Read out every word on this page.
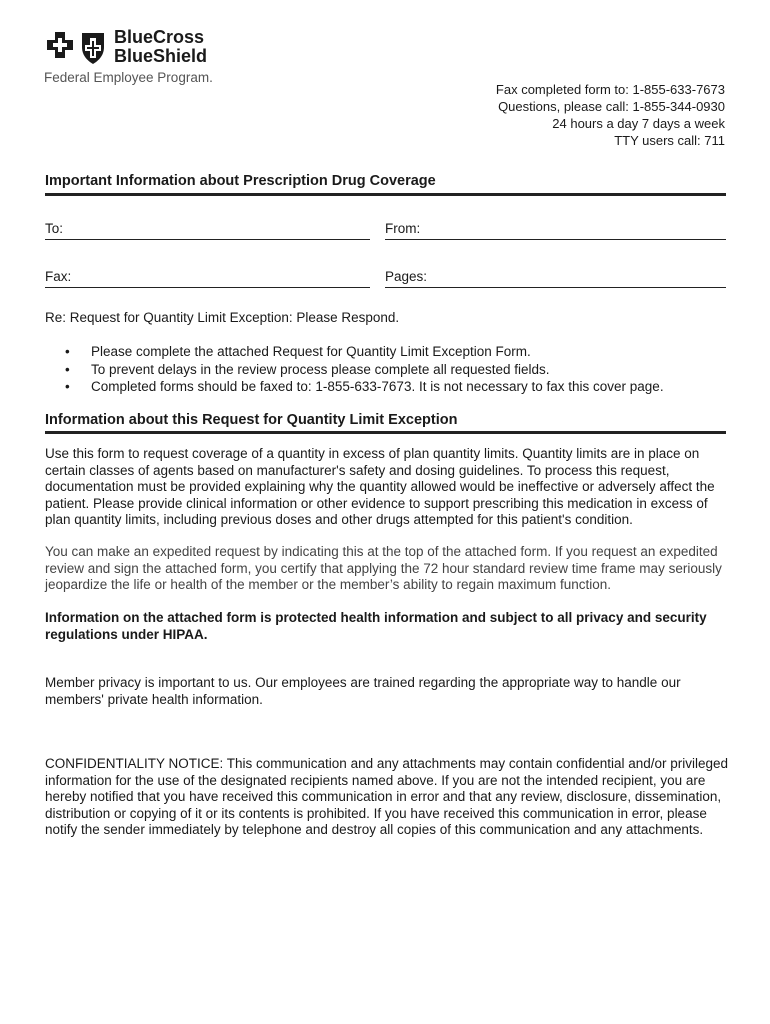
BlueCross
BlueShield
Federal Employee Program.
Fax completed form to: 1-855-633-7673
Questions, please call: 1-855-344-0930
24 hours a day 7 days a week
TTY users call: 711
Important Information about Prescription Drug Coverage
To:	From:
Fax:	Pages:
Re: Request for Quantity Limit Exception: Please Respond.
• Please complete the attached Request for Quantity Limit Exception Form.
• To prevent delays in the review process please complete all requested fields.
• Completed forms should be faxed to: 1-855-633-7673. It is not necessary to fax this cover page.
Information about this Request for Quantity Limit Exception
Use this form to request coverage of a quantity in excess of plan quantity limits. Quantity limits are in place on certain classes of agents based on manufacturer's safety and dosing guidelines. To process this request, documentation must be provided explaining why the quantity allowed would be ineffective or adversely affect the patient. Please provide clinical information or other evidence to support prescribing this medication in excess of plan quantity limits, including previous doses and other drugs attempted for this patient's condition.
You can make an expedited request by indicating this at the top of the attached form. If you request an expedited review and sign the attached form, you certify that applying the 72 hour standard review time frame may seriously jeopardize the life or health of the member or the member’s ability to regain maximum function.
Information on the attached form is protected health information and subject to all privacy and security regulations under HIPAA.
Member privacy is important to us. Our employees are trained regarding the appropriate way to handle our members' private health information.
CONFIDENTIALITY NOTICE: This communication and any attachments may contain confidential and/or privileged information for the use of the designated recipients named above. If you are not the intended recipient, you are hereby notified that you have received this communication in error and that any review, disclosure, dissemination, distribution or copying of it or its contents is prohibited. If you have received this communication in error, please notify the sender immediately by telephone and destroy all copies of this communication and any attachments.
